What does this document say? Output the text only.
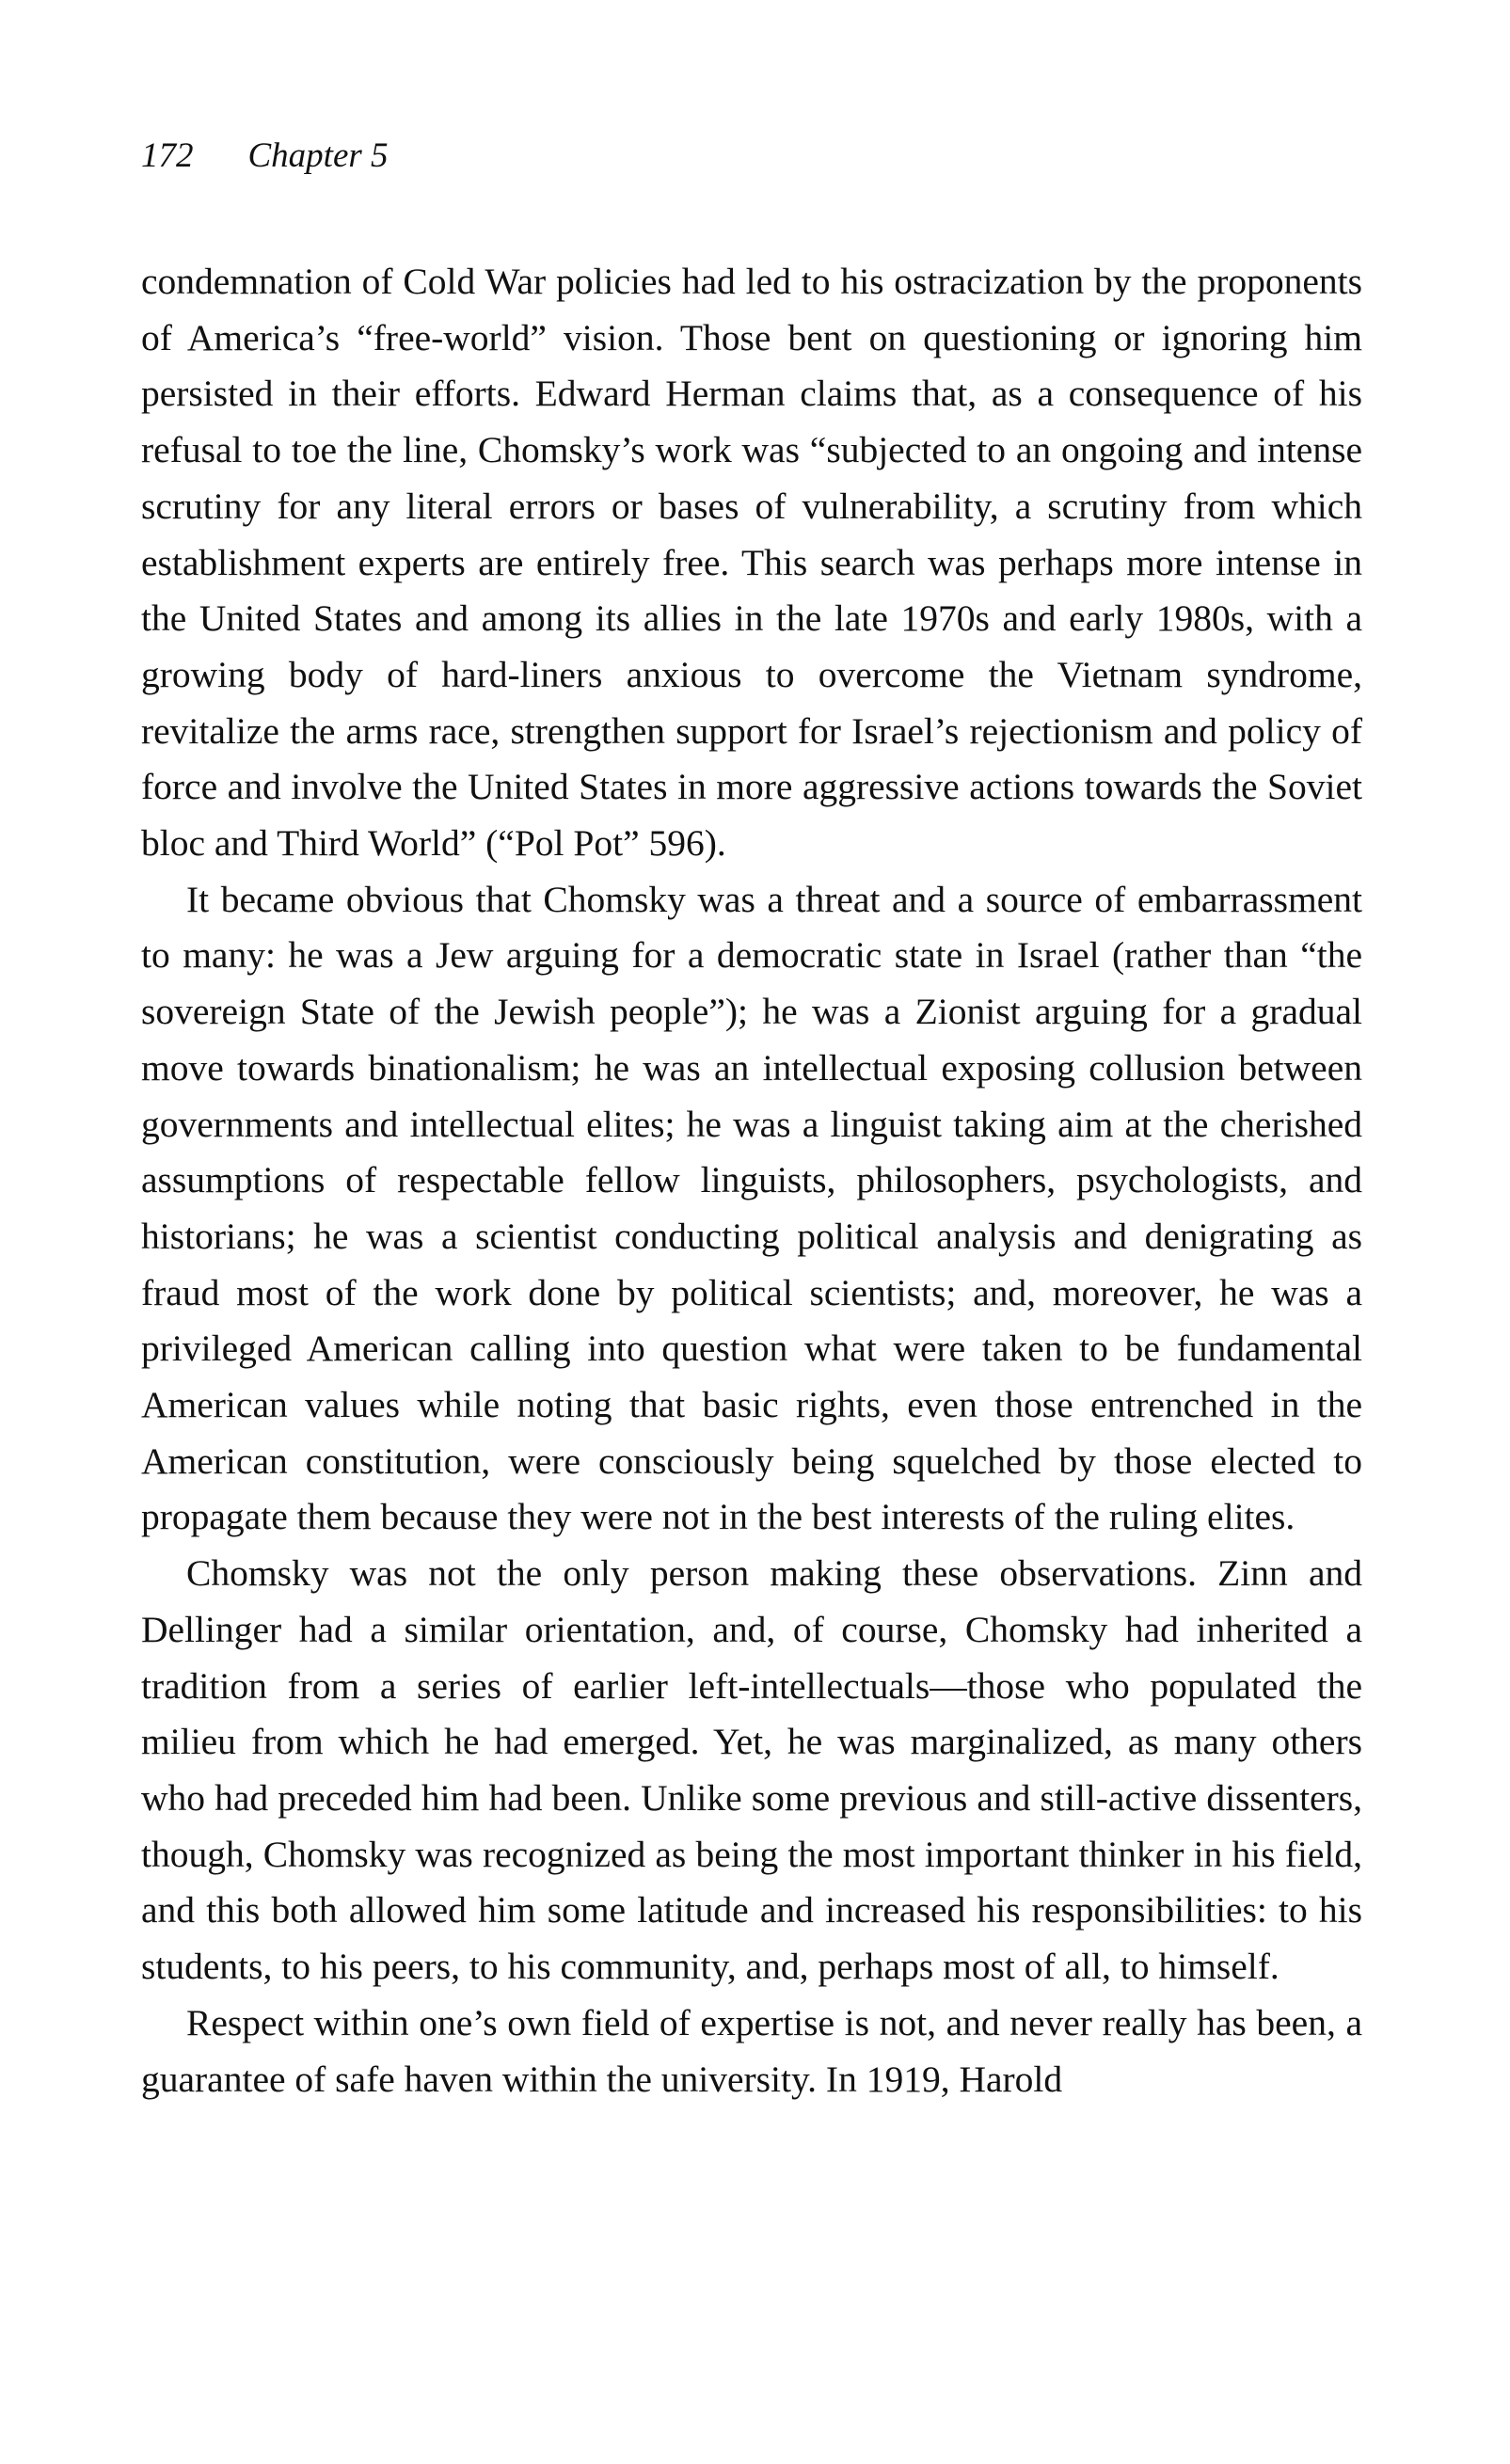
172 Chapter 5

condemnation of Cold War policies had led to his ostracization by the proponents of America’s “free-world” vision. Those bent on questioning or ignoring him persisted in their efforts. Edward Herman claims that, as a consequence of his refusal to toe the line, Chomsky’s work was “subjected to an ongoing and intense scrutiny for any literal errors or bases of vulnerability, a scrutiny from which establishment experts are entirely free. This search was perhaps more intense in the United States and among its allies in the late 1970s and early 1980s, with a growing body of hard-liners anxious to overcome the Vietnam syndrome, revitalize the arms race, strengthen support for Israel’s rejectionism and policy of force and involve the United States in more aggressive actions towards the Soviet bloc and Third World” (“Pol Pot” 596).

It became obvious that Chomsky was a threat and a source of embarrassment to many: he was a Jew arguing for a democratic state in Israel (rather than “the sovereign State of the Jewish people”); he was a Zionist arguing for a gradual move towards binationalism; he was an intellectual exposing collusion between governments and intellectual elites; he was a linguist taking aim at the cherished assumptions of respectable fellow linguists, philosophers, psychologists, and historians; he was a scientist conducting political analysis and denigrating as fraud most of the work done by political scientists; and, moreover, he was a privileged American calling into question what were taken to be fundamental American values while noting that basic rights, even those entrenched in the American constitution, were consciously being squelched by those elected to propagate them because they were not in the best interests of the ruling elites.

Chomsky was not the only person making these observations. Zinn and Dellinger had a similar orientation, and, of course, Chomsky had inherited a tradition from a series of earlier left-intellectuals—those who populated the milieu from which he had emerged. Yet, he was marginalized, as many others who had preceded him had been. Unlike some previous and still-active dissenters, though, Chomsky was recognized as being the most important thinker in his field, and this both allowed him some latitude and increased his responsibilities: to his students, to his peers, to his community, and, perhaps most of all, to himself.

Respect within one’s own field of expertise is not, and never really has been, a guarantee of safe haven within the university. In 1919, Harold
